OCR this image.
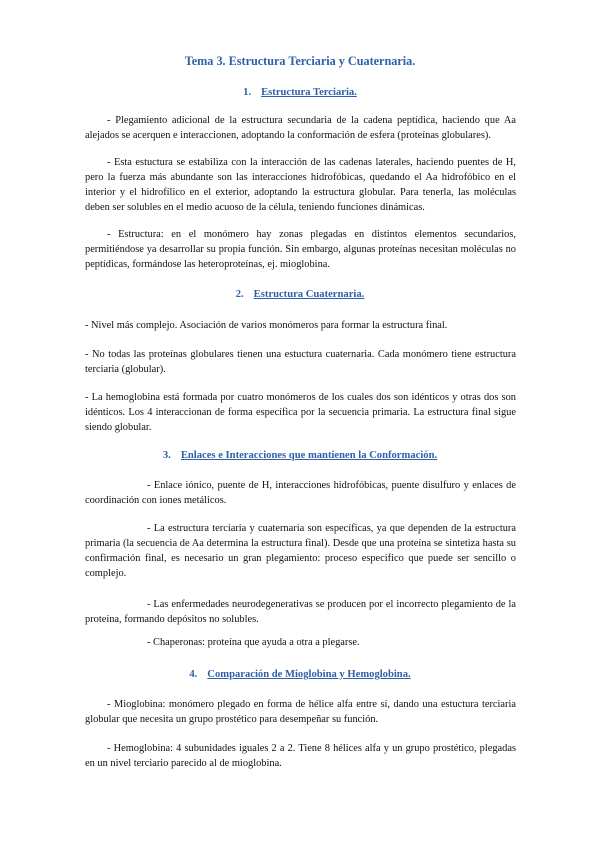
Tema 3. Estructura Terciaria y Cuaternaria.
1. Estructura Terciaria.

- Plegamiento adicional de la estructura secundaria de la cadena peptídica, haciendo que Aa alejados se acerquen e interaccionen, adoptando la conformación de esfera (proteínas globulares).

- Esta estuctura se estabiliza con la interacción de las cadenas laterales, haciendo puentes de H, pero la fuerza más abundante son las interacciones hidrofóbicas, quedando el Aa hidrofóbico en el interior y el hidrofílico en el exterior, adoptando la estructura globular. Para tenerla, las moléculas deben ser solubles en el medio acuoso de la célula, teniendo funciones dinámicas.

- Estructura: en el monómero hay zonas plegadas en distintos elementos secundarios, permitiéndose ya desarrollar su propia función. Sin embargo, algunas proteínas necesitan moléculas no peptídicas, formándose las heteroproteínas, ej. mioglobina.

2. Estructura Cuaternaria.

- Nivel más complejo. Asociación de varios monómeros para formar la estructura final.

- No todas las proteínas globulares tienen una estuctura cuaternaria. Cada monómero tiene estructura terciaria (globular).

- La hemoglobina está formada por cuatro monómeros de los cuales dos son idénticos y otras dos son idénticos. Los 4 interaccionan de forma específica por la secuencia primaria. La estructura final sigue siendo globular.

3. Enlaces e Interacciones que mantienen la Conformación.

- Enlace iónico, puente de H, interacciones hidrofóbicas, puente disulfuro y enlaces de coordinación con iones metálicos.

- La estructura terciaria y cuaternaria son específicas, ya que dependen de la estructura primaria (la secuencia de Aa determina la estructura final). Desde que una proteína se sintetiza hasta su confirmación final, es necesario un gran plegamiento: proceso específico que puede ser sencillo o complejo.

- Las enfermedades neurodegenerativas se producen por el incorrecto plegamiento de la proteína, formando depósitos no solubles.

- Chaperonas: proteína que ayuda a otra a plegarse.

4. Comparación de Mioglobina y Hemoglobina.

- Mioglobina: monómero plegado en forma de hélice alfa entre sí, dando una estuctura terciaria globular que necesita un grupo prostético para desempeñar su función.

- Hemoglobina: 4 subunidades iguales 2 a 2. Tiene 8 hélices alfa y un grupo prostético, plegadas en un nivel terciario parecido al de mioglobina.
